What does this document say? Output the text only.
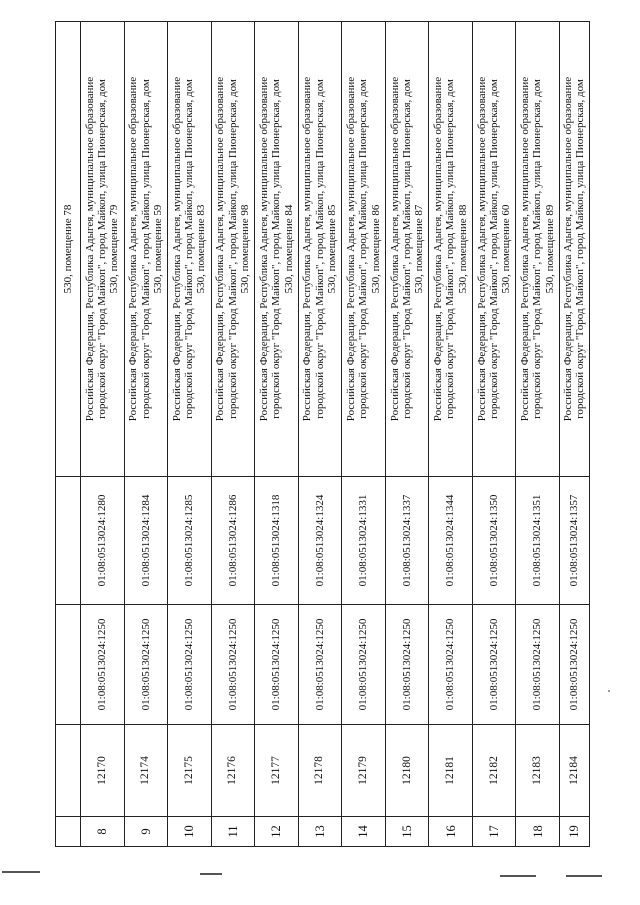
				530, помещение 78
8	12170	01:08:0513024:1250	01:08:0513024:1280	Российская Федерация, Республика Адыгея, муниципальное образование городской округ "Город Майкоп", город Майкоп, улица Пионерская, дом 530, помещение 79

9	12174	01:08:0513024:1250	01:08:0513024:1284	Российская Федерация, Республика Адыгея, муниципальное образование городской округ "Город Майкоп", город Майкоп, улица Пионерская, дом 530, помещение 59

10	12175	01:08:0513024:1250	01:08:0513024:1285	Российская Федерация, Республика Адыгея, муниципальное образование городской округ "Город Майкоп", город Майкоп, улица Пионерская, дом 530, помещение 83

11	12176	01:08:0513024:1250	01:08:0513024:1286	Российская Федерация, Республика Адыгея, муниципальное образование городской округ "Город Майкоп", город Майкоп, улица Пионерская, дом 530, помещение 98

12	12177	01:08:0513024:1250	01:08:0513024:1318	Российская Федерация, Республика Адыгея, муниципальное образование городской округ "Город Майкоп", город Майкоп, улица Пионерская, дом 530, помещение 84

13	12178	01:08:0513024:1250	01:08:0513024:1324	Российская Федерация, Республика Адыгея, муниципальное образование городской округ "Город Майкоп", город Майкоп, улица Пионерская, дом 530, помещение 85

14	12179	01:08:0513024:1250	01:08:0513024:1331	Российская Федерация, Республика Адыгея, муниципальное образование городской округ "Город Майкоп", город Майкоп, улица Пионерская, дом 530, помещение 86

15	12180	01:08:0513024:1250	01:08:0513024:1337	Российская Федерация, Республика Адыгея, муниципальное образование городской округ "Город Майкоп", город Майкоп, улица Пионерская, дом 530, помещение 87

16	12181	01:08:0513024:1250	01:08:0513024:1344	Российская Федерация, Республика Адыгея, муниципальное образование городской округ "Город Майкоп", город Майкоп, улица Пионерская, дом 530, помещение 88

17	12182	01:08:0513024:1250	01:08:0513024:1350	Российская Федерация, Республика Адыгея, муниципальное образование городской округ "Город Майкоп", город Майкоп, улица Пионерская, дом 530, помещение 60

18	12183	01:08:0513024:1250	01:08:0513024:1351	Российская Федерация, Республика Адыгея, муниципальное образование городской округ "Город Майкоп", город Майкоп, улица Пионерская, дом 530, помещение 89

19	12184	01:08:0513024:1250	01:08:0513024:1357	Российская Федерация, Республика Адыгея, муниципальное образование городской округ "Город Майкоп", город Майкоп, улица Пионерская, дом
